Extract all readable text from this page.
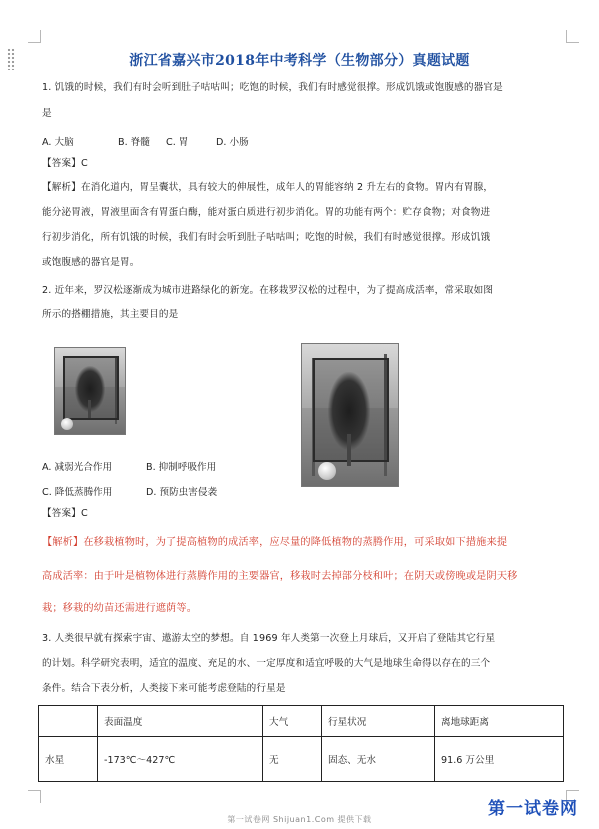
浙江省嘉兴市2018年中考科学（生物部分）真题试题
1. 饥饿的时候，我们有时会听到肚子咕咕叫；吃饱的时候，我们有时感觉很撑。形成饥饿或饱腹感的器官是
是
A. 大脑	B. 脊髓 C. 胃	D. 小肠
【答案】C
【解析】在消化道内，胃呈囊状，具有较大的伸展性，成年人的胃能容纳 2 升左右的食物。胃内有胃腺，
能分泌胃液，胃液里面含有胃蛋白酶，能对蛋白质进行初步消化。胃的功能有两个：贮存食物；对食物进
行初步消化，所有饥饿的时候，我们有时会听到肚子咕咕叫；吃饱的时候，我们有时感觉很撑。形成饥饿
或饱腹感的器官是胃。
2. 近年来，罗汉松逐渐成为城市进路绿化的新宠。在移栽罗汉松的过程中，为了提高成活率，常采取如图
所示的搭棚措施，其主要目的是
A. 减弱光合作用	B. 抑制呼吸作用
C. 降低蒸腾作用	D. 预防虫害侵袭
【答案】C
【解析】在移栽植物时，为了提高植物的成活率，应尽量的降低植物的蒸腾作用，可采取如下措施来提
高成活率：由于叶是植物体进行蒸腾作用的主要器官，移栽时去掉部分枝和叶；在阴天或傍晚或是阴天移
栽；移栽的幼苗还需进行遮荫等。
3. 人类很早就有探索宇宙、遨游太空的梦想。自 1969 年人类第一次登上月球后，又开启了登陆其它行星
的计划。科学研究表明，适宜的温度、充足的水、一定厚度和适宜呼吸的大气是地球生命得以存在的三个
条件。结合下表分析，人类接下来可能考虑登陆的行星是
	表面温度	大气	行星状况	离地球距离
水星	-173℃～427℃	无	固态、无水	91.6 万公里
第一试卷网
第一试卷网 Shijuan1.Com 提供下载
